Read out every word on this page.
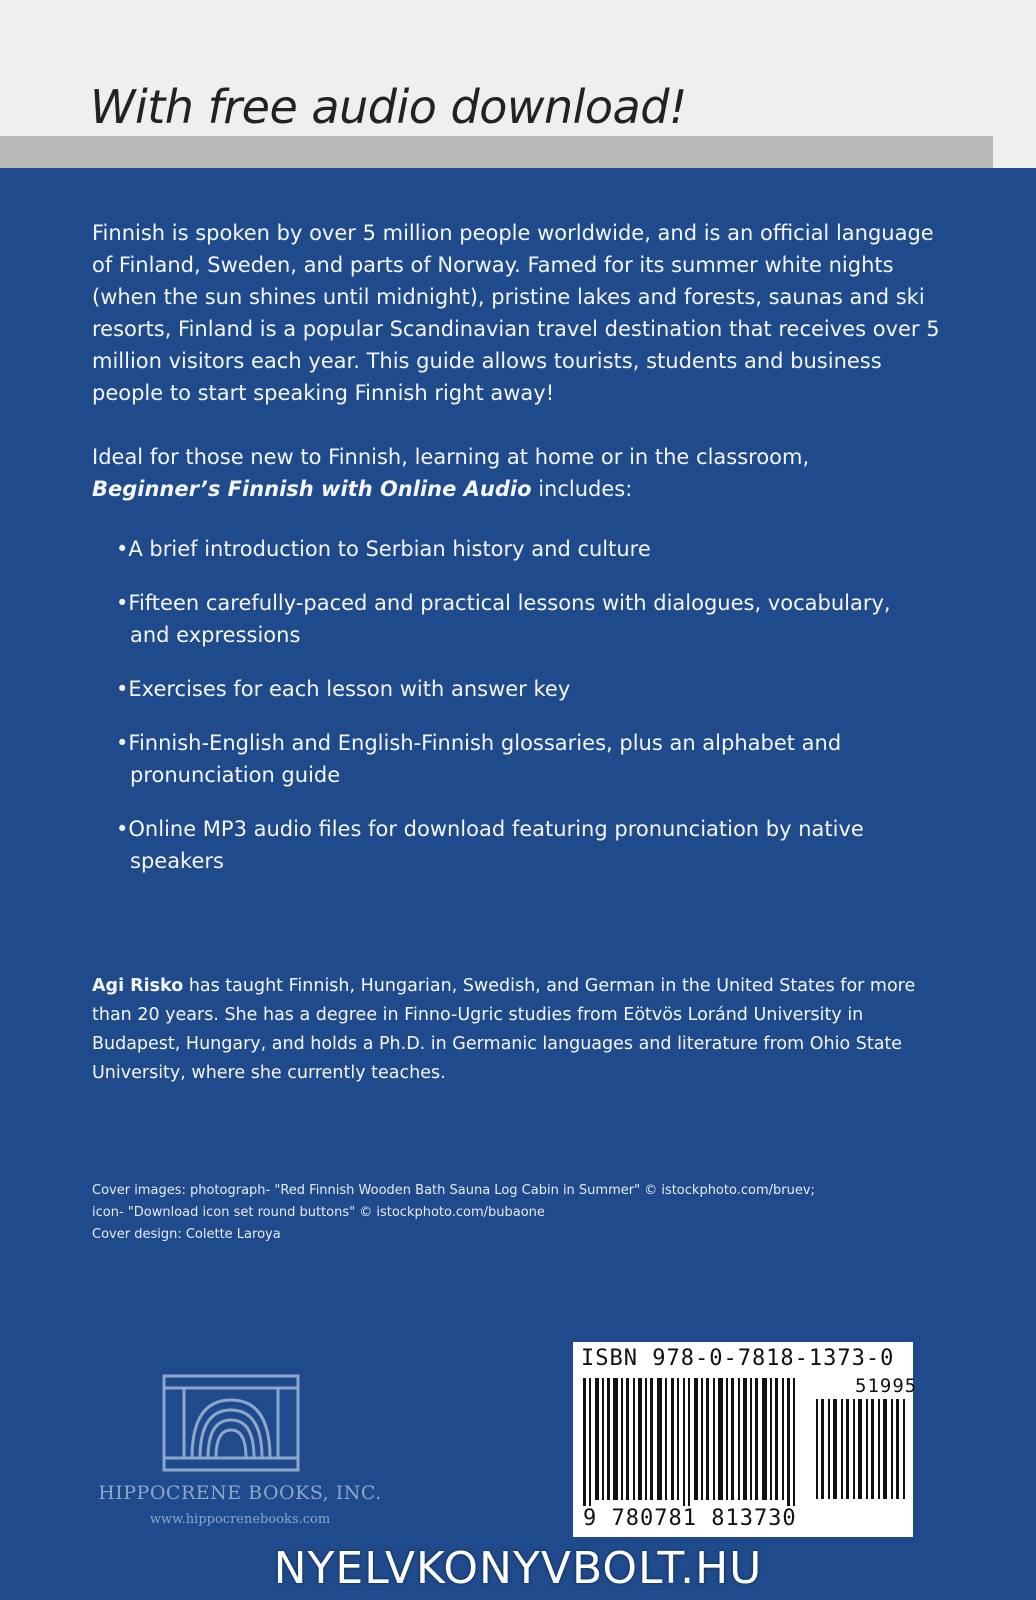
With free audio download!

Finnish is spoken by over 5 million people worldwide, and is an official language of Finland, Sweden, and parts of Norway. Famed for its summer white nights (when the sun shines until midnight), pristine lakes and forests, saunas and ski resorts, Finland is a popular Scandinavian travel destination that receives over 5 million visitors each year. This guide allows tourists, students and business people to start speaking Finnish right away!

Ideal for those new to Finnish, learning at home or in the classroom,
Beginner’s Finnish with Online Audio includes:

• A brief introduction to Serbian history and culture
• Fifteen carefully-paced and practical lessons with dialogues, vocabulary, and expressions
• Exercises for each lesson with answer key
• Finnish-English and English-Finnish glossaries, plus an alphabet and pronunciation guide
• Online MP3 audio files for download featuring pronunciation by native speakers

Agi Risko has taught Finnish, Hungarian, Swedish, and German in the United States for more than 20 years. She has a degree in Finno-Ugric studies from Eötvös Loránd University in Budapest, Hungary, and holds a Ph.D. in Germanic languages and literature from Ohio State University, where she currently teaches.

Cover images: photograph- "Red Finnish Wooden Bath Sauna Log Cabin in Summer" © istockphoto.com/bruev;
icon- "Download icon set round buttons" © istockphoto.com/bubaone
Cover design: Colette Laroya
HIPPOCRENE BOOKS, INC.
www.hippocrenebooks.com
ISBN 978-0-7818-1373-0
51995
9 780781 813730
NYELVKONYVBOLT.HU
